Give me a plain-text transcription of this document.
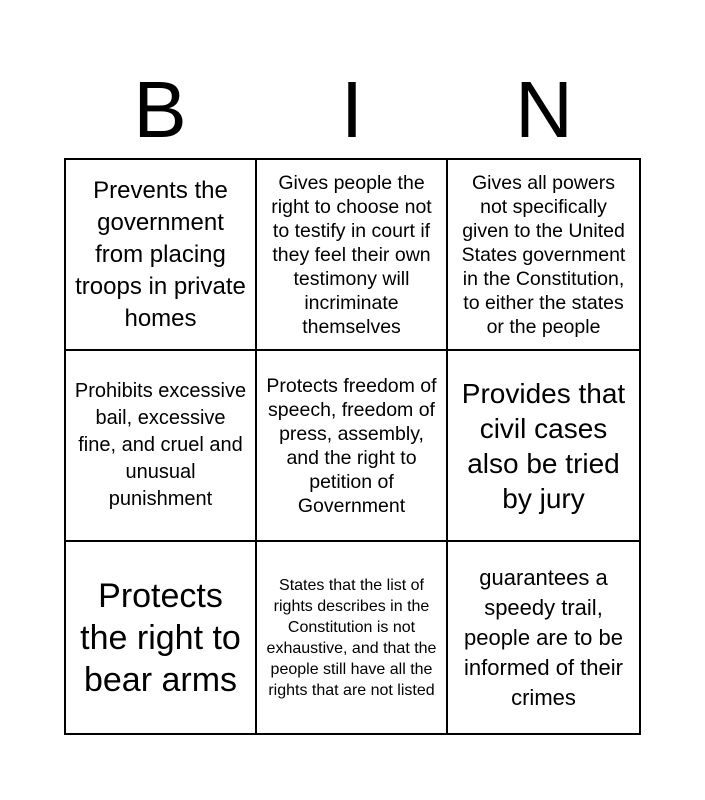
B	I	N
Prevents the government from placing troops in private homes
Gives people the right to choose not to testify in court if they feel their own testimony will incriminate themselves
Gives all powers not specifically given to the United States government in the Constitution, to either the states or the people
Prohibits excessive bail, excessive fine, and cruel and unusual punishment
Protects freedom of speech, freedom of press, assembly, and the right to petition of Government
Provides that civil cases also be tried by jury
Protects the right to bear arms
States that the list of rights describes in the Constitution is not exhaustive, and that the people still have all the rights that are not listed
guarantees a speedy trail, people are to be informed of their crimes
